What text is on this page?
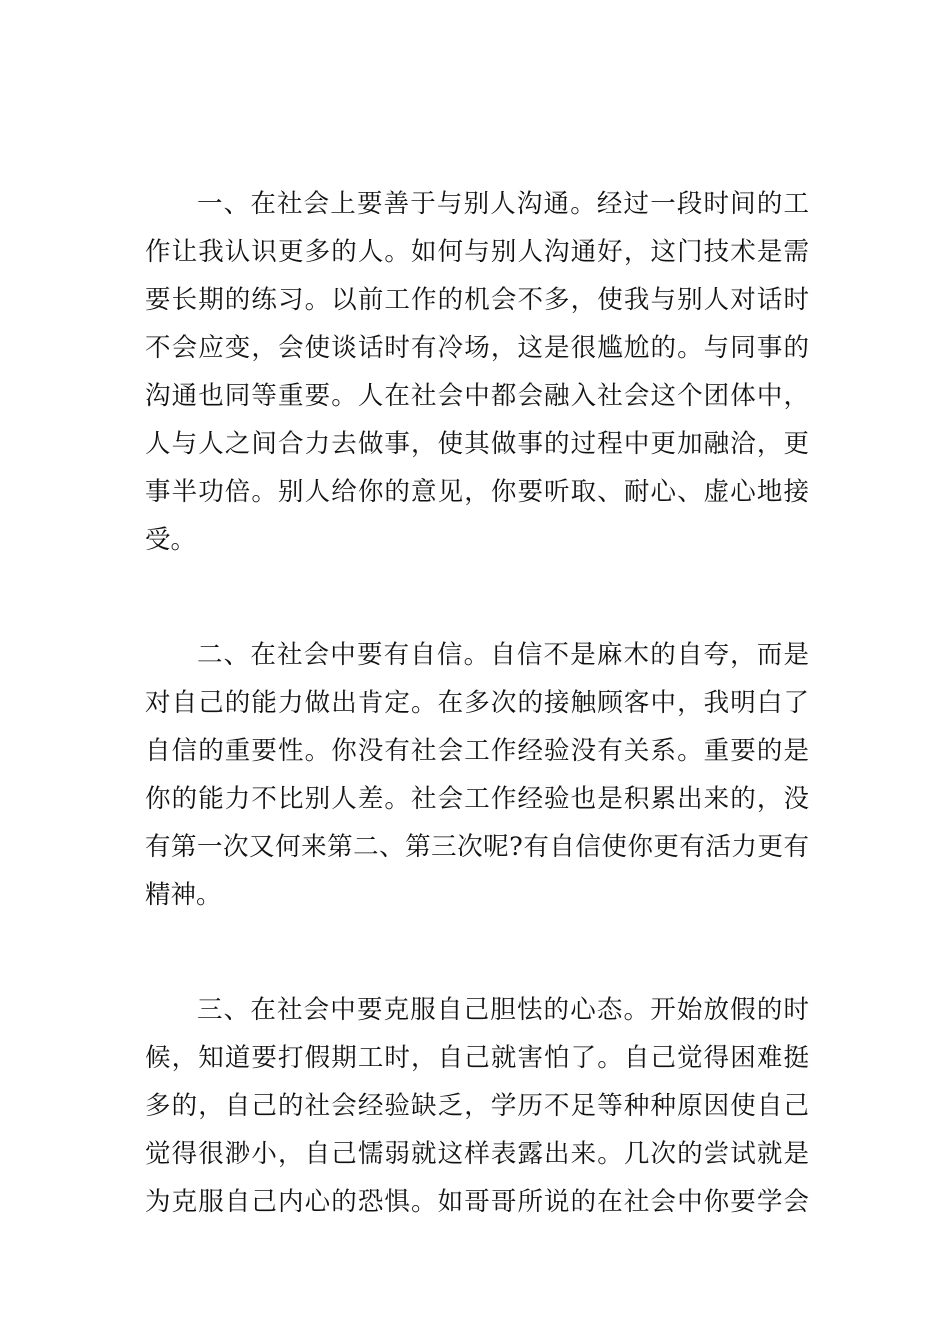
一、在社会上要善于与别人沟通。经过一段时间的工
作让我认识更多的人。如何与别人沟通好，这门技术是需
要长期的练习。以前工作的机会不多，使我与别人对话时
不会应变，会使谈话时有冷场，这是很尴尬的。与同事的
沟通也同等重要。人在社会中都会融入社会这个团体中，
人与人之间合力去做事，使其做事的过程中更加融洽，更
事半功倍。别人给你的意见，你要听取、耐心、虚心地接
受。
二、在社会中要有自信。自信不是麻木的自夸，而是
对自己的能力做出肯定。在多次的接触顾客中，我明白了
自信的重要性。你没有社会工作经验没有关系。重要的是
你的能力不比别人差。社会工作经验也是积累出来的，没
有第一次又何来第二、第三次呢?有自信使你更有活力更有
精神。
三、在社会中要克服自己胆怯的心态。开始放假的时
候，知道要打假期工时，自己就害怕了。自己觉得困难挺
多的，自己的社会经验缺乏，学历不足等种种原因使自己
觉得很渺小，自己懦弱就这样表露出来。几次的尝试就是
为克服自己内心的恐惧。如哥哥所说的在社会中你要学会
